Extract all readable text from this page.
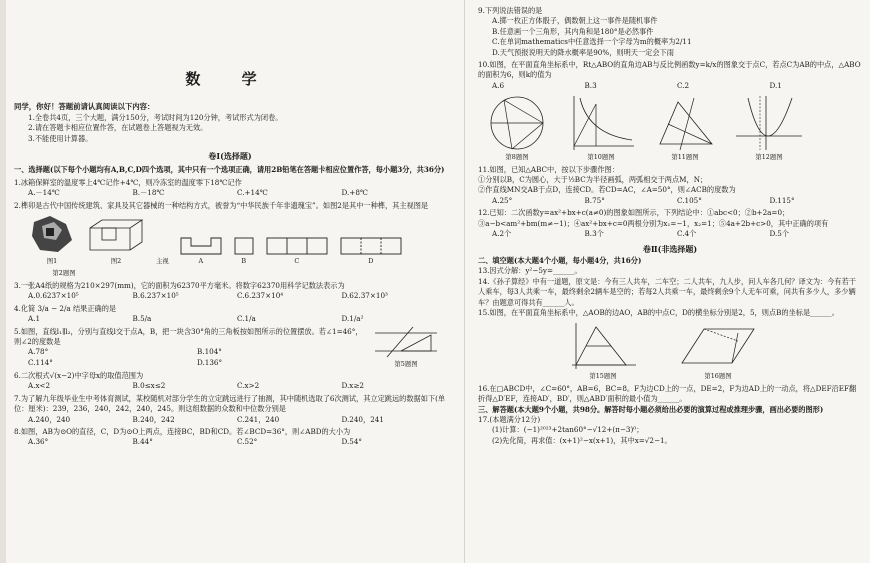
数 学
同学，你好！答题前请认真阅读以下内容：
1.全卷共4页，三个大题，满分150分，考试时间为120分钟，考试形式为闭卷。
2.请在答题卡相应位置作答，在试题卷上答题视为无效。
3.不能使用计算器。
卷Ⅰ(选择题)
一、选择题(以下每个小题均有A,B,C,D四个选项，其中只有一个选项正确，请用2B铅笔在答题卡相应位置作答，每小题3分，共36分)
1.冰箱保鲜室的温度零上4℃记作+4℃，则冷冻室的温度零下18℃记作
A.－14℃	B.－18℃	C.+14℃	D.+8℃
2.榫卯是古代中国传统建筑、家具及其它器械的一种结构方式，被誉为“中华民族千年非遗瑰宝”。如图2是其中一种榫，其主视图是
图1	图2	主视	A	B	C	D
第2题图
3.一张A4纸的规格为210×297(mm)，它的面积为62370平方毫米。将数字62370用科学记数法表示为
A.0.6237×10⁵	B.6.237×10⁵	C.6.237×10⁴	D.62.37×10³
4.化简 3/a − 2/a 结果正确的是
A.1	B.5/a	C.1/a	D.1/a²
5.如图，直线l₁∥l₂，分别与直线l交于点A，B，把一块含30°角的三角板按如图所示的位置摆放。若∠1=46°，则∠2的度数是
A.78°	B.104°
C.114°	D.136°	第5题图
6.二次根式√(x−2)中字母x的取值范围为
A.x<2	B.0≤x≤2	C.x>2	D.x≥2
7.为了解九年级毕业生中考体育测试，某校随机对部分学生的立定跳远进行了抽测，其中随机选取了6次测试，其立定跳远的数据如下(单位：厘米)：239，236，240，242，240，245。则这组数据的众数和中位数分别是
A.240，240	B.240，242	C.241，240	D.240，241
8.如图，AB为⊙O的直径，C，D为⊙O上两点，连接BC，BD和CD。若∠BCD=36°，则∠ABD的大小为
A.36°	B.44°	C.52°	D.54°
9.下列说法错误的是
A.掷一枚正方体骰子，偶数朝上这一事件是随机事件
B.任意画一个三角形，其内角和是180°是必然事件
C.在单词mathematics中任意选择一个字母为m的概率为2/11
D.天气预报说明天的降水概率是90%，则明天一定会下雨
10.如图，在平面直角坐标系中，Rt△ABO的直角边AB与反比例函数y=k/x的图象交于点C，若点C为AB的中点，△ABO的面积为6，则k的值为
A.6	B.3	C.2	D.1
第8题图	第10题图	第11题图	第12题图
11.如图，已知△ABC中，按以下步骤作图：
①分别以B，C为圆心，大于½BC为半径画弧，两弧相交于两点M，N；
②作直线MN交AB于点D，连接CD。若CD=AC，∠A=50°，则∠ACB的度数为
A.25°	B.75°	C.105°	D.115°
12.已知：二次函数y=ax²+bx+c(a≠0)的图象如图所示，下列结论中：①abc<0；②b+2a=0；③a−b<am²+bm(m≠−1)；④ax²+bx+c=0两根分别为x₁=−1，x₂=1；⑤4a+2b+c>0，其中正确的项有
A.2个	B.3个	C.4个	D.5个
卷Ⅱ(非选择题)
二、填空题(本大题4个小题，每小题4分，共16分)
13.因式分解：y²−5y=______。
14.《孙子算经》中有一道题，原文是：今有三人共车，二车空；二人共车，九人步，问人车各几何？译文为：今有若干人乘车，每3人共乘一车，最终剩余2辆车是空的；若每2人共乘一车，最终剩余9个人无车可乘，问共有多少人，多少辆车？由题意可得共有______人。
15.如图，在平面直角坐标系中，△AOB的边AO，AB的中点C，D的横坐标分别是2，5，则点B的坐标是______。
第15题图	第16题图
16.在□ABCD中，∠C=60°，AB=6，BC=8。F为边CD上的一点，DE=2，F为边AD上的一动点，将△DEF沿EF翻折得△D′EF，连接AD′，BD′，则△ABD′面积的最小值为______。
三、解答题(本大题9个小题，共98分。解答时每小题必须给出必要的演算过程或推理步骤，画出必要的图形)
17.(本题满分12分)
(1)计算：(−1)²⁰²³+2tan60°−√12+(π−3)⁰；
(2)先化简，再求值：(x+1)²−x(x+1)，其中x=√2−1。
